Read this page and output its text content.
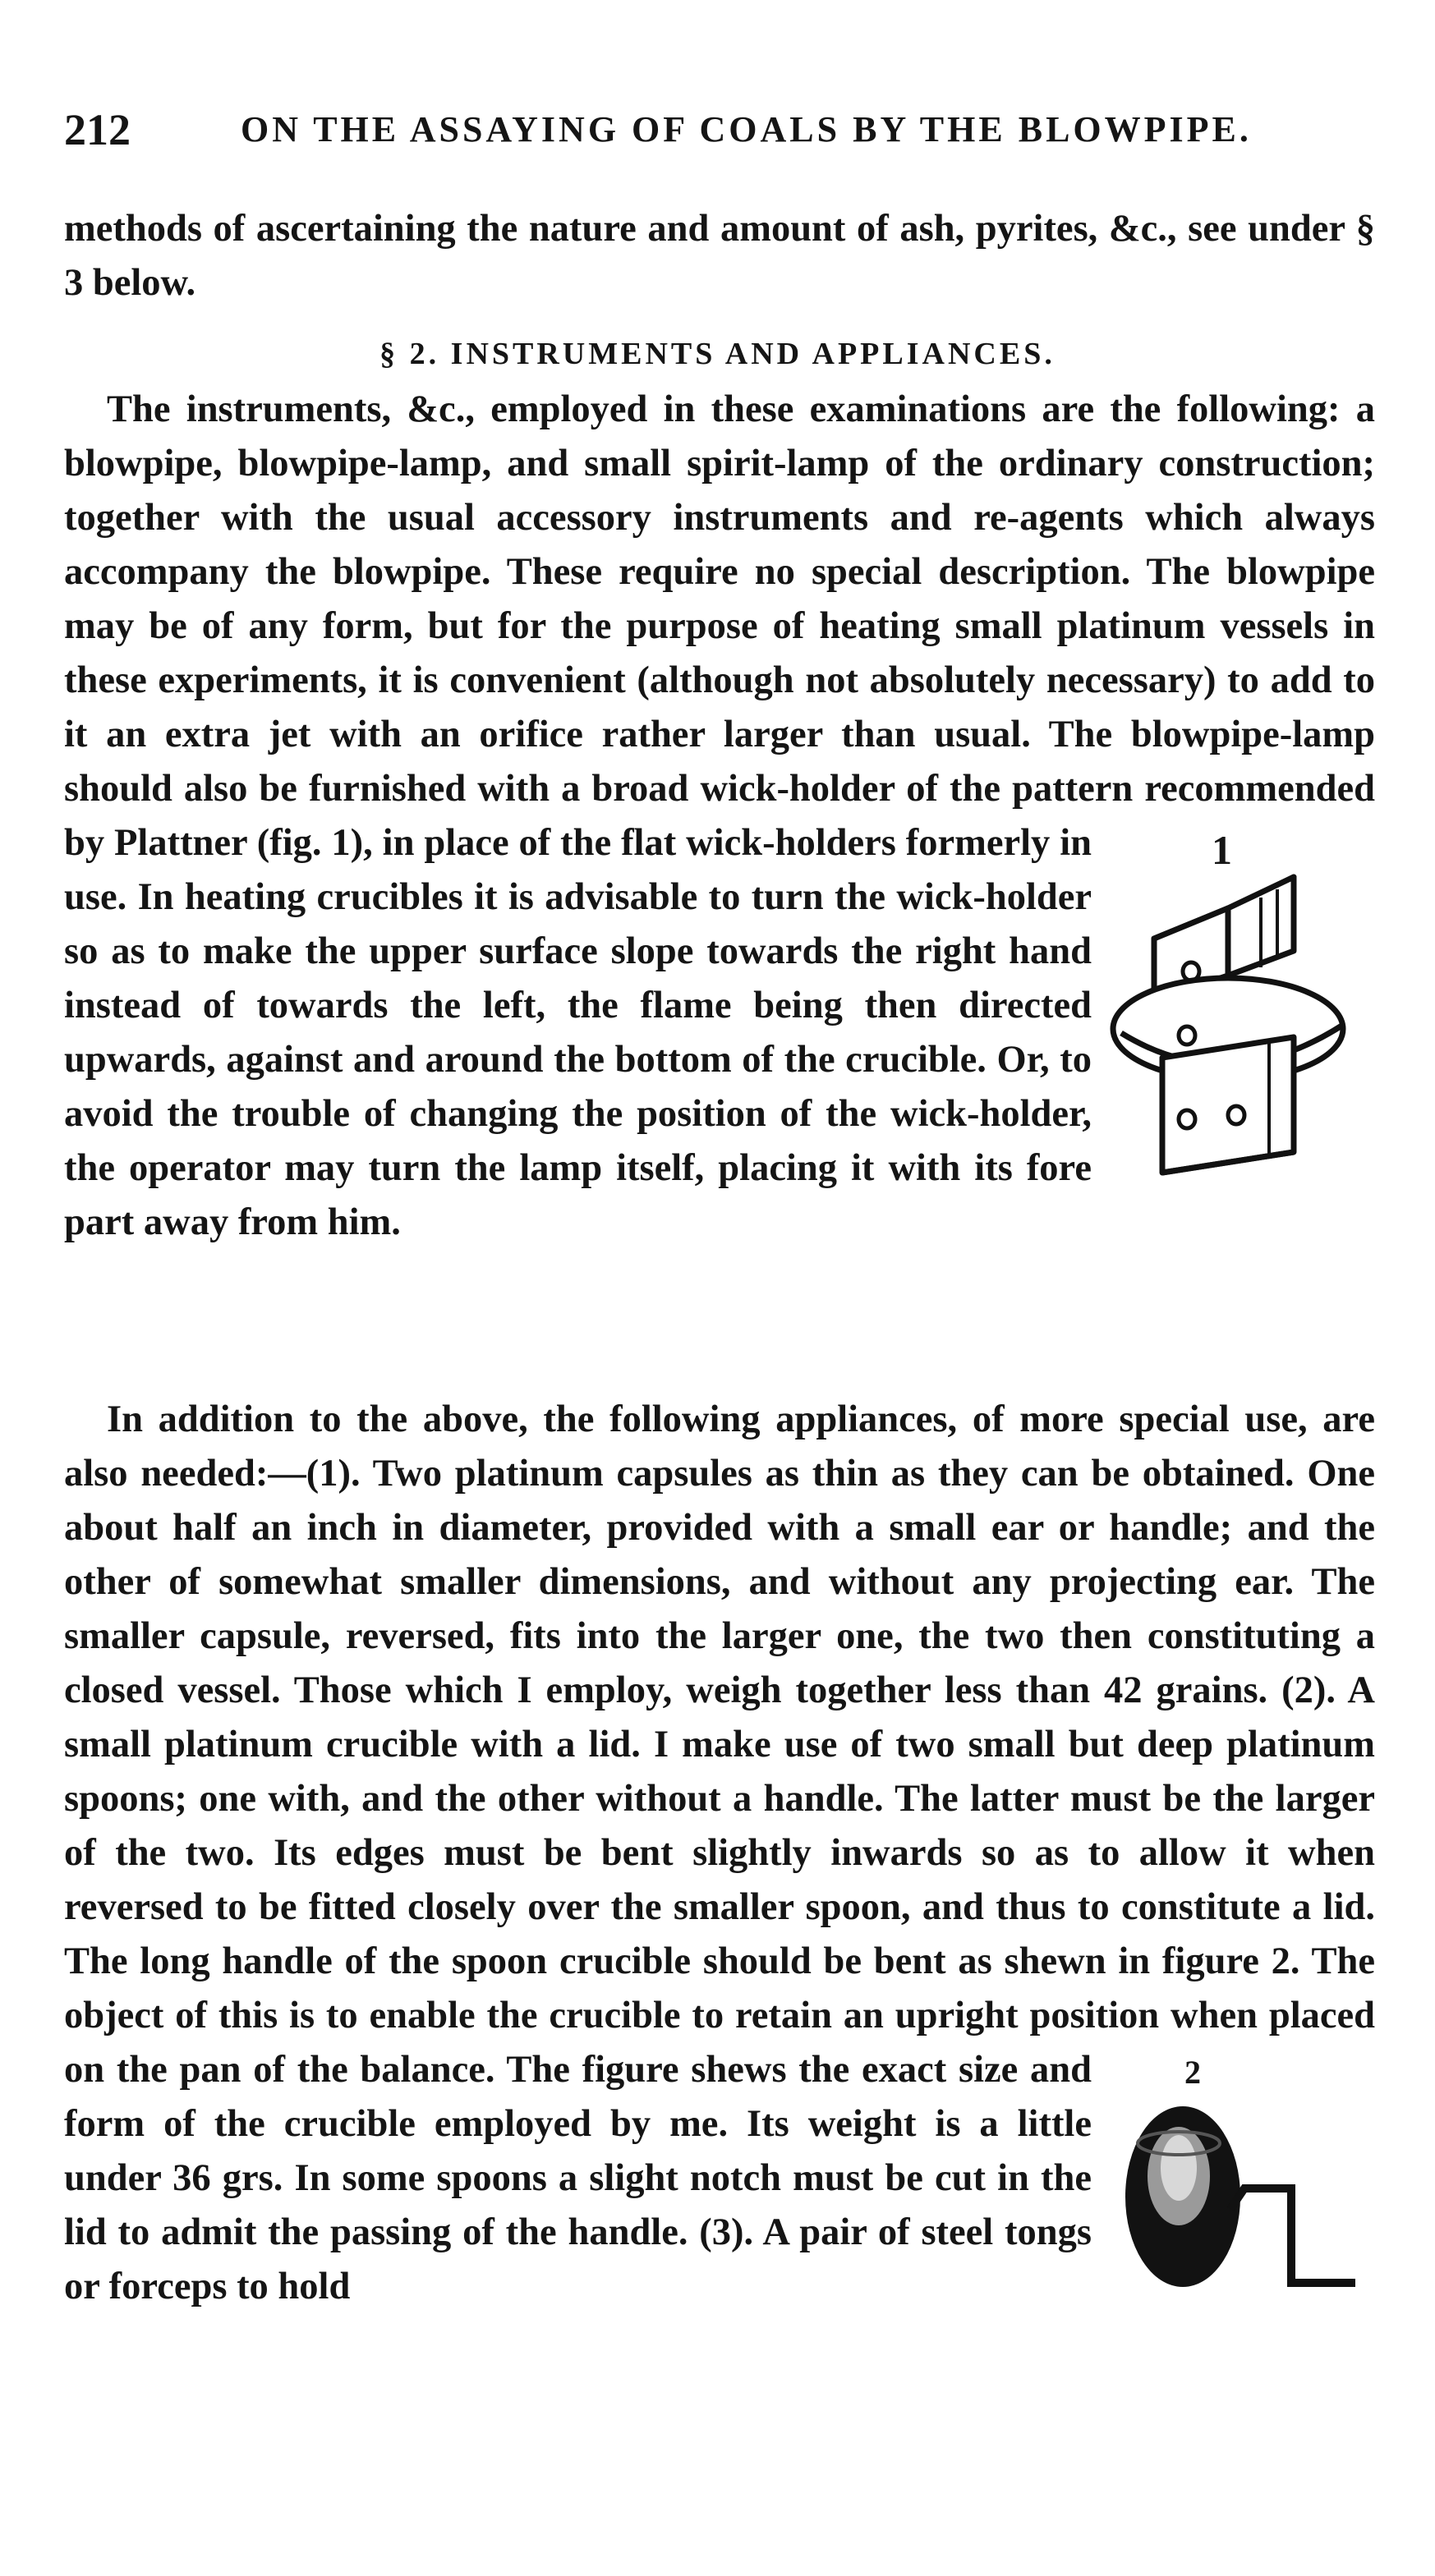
212	ON THE ASSAYING OF COALS BY THE BLOWPIPE.

methods of ascertaining the nature and amount of ash, pyrites, &c., see under § 3 below.

§ 2. INSTRUMENTS AND APPLIANCES.
The instruments, &c., employed in these examinations are the following: a blowpipe, blowpipe-lamp, and small spirit-lamp of the ordinary construction; together with the usual accessory instruments and re-agents which always accompany the blowpipe. These require no special description. The blowpipe may be of any form, but for the purpose of heating small platinum vessels in these experiments, it is convenient (although not absolutely necessary) to add to it an extra jet with an orifice rather larger than usual. The blowpipe-lamp should also be furnished with a broad wick-holder of the pattern recommended by Plattner (fig. 1), in place of the flat wick-holders formerly in use. In heating crucibles it is advisable to turn the wick-holder so as to make the upper surface slope towards the right hand instead of towards the left, the flame being then directed upwards, against and around the bottom of the crucible. Or, to avoid the trouble of changing the position of the wick-holder, the operator may turn the lamp itself, placing it with its fore part away from him.
In addition to the above, the following appliances, of more special use, are also needed:—(1). Two platinum capsules as thin as they can be obtained. One about half an inch in diameter, provided with a small ear or handle; and the other of somewhat smaller dimensions, and without any projecting ear. The smaller capsule, reversed, fits into the larger one, the two then constituting a closed vessel. Those which I employ, weigh together less than 42 grains. (2). A small platinum crucible with a lid. I make use of two small but deep platinum spoons; one with, and the other without a handle. The latter must be the larger of the two. Its edges must be bent slightly inwards so as to allow it when reversed to be fitted closely over the smaller spoon, and thus to constitute a lid. The long handle of the spoon crucible should be bent as shewn in figure 2. The object of this is to enable the crucible to retain an upright position when placed on the pan of the balance. The figure shews the exact size and form of the crucible employed by me. Its weight is a little under 36 grs. In some spoons a slight notch must be cut in the lid to admit the passing of the handle. (3). A pair of steel tongs or forceps to hold
1
2
